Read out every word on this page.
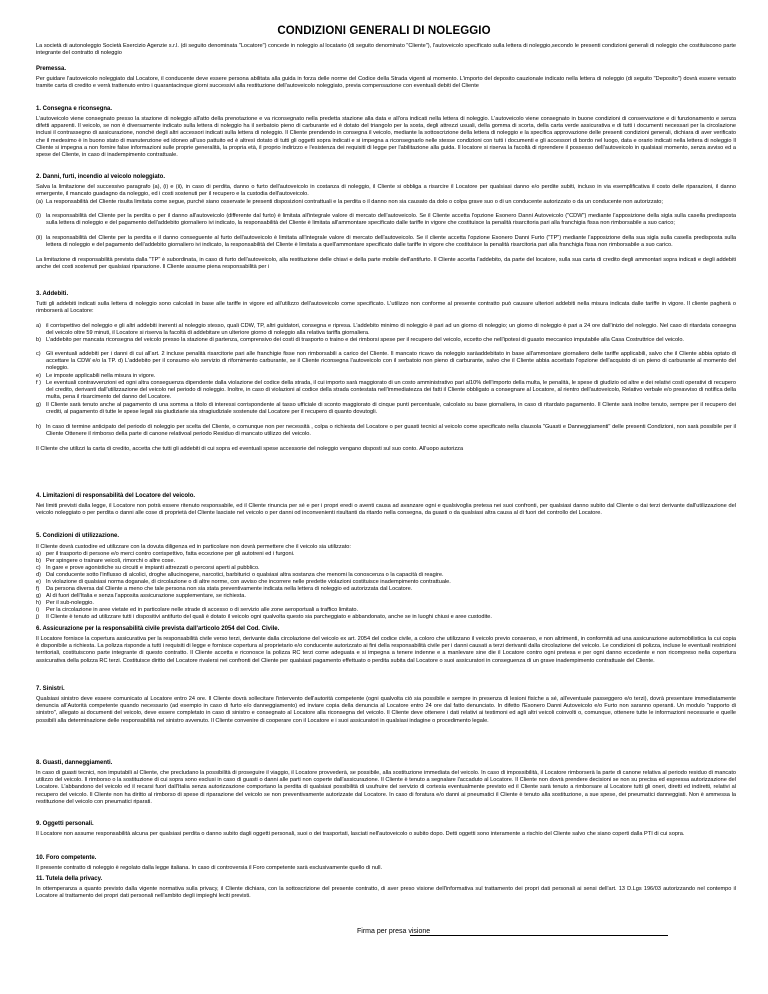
CONDIZIONI GENERALI DI NOLEGGIO

La società di autonoleggio Società Esercizio Agenzie s.r.l. (di seguito denominata "Locatore") concede in noleggio al locatario (di seguito denominato "Cliente"), l'autoveicolo specificato sulla lettera di noleggio,secondo le presenti condizioni generali di noleggio che costituiscono parte integrante del contratto di noleggio

Premessa.

Per guidare l'autoveicolo noleggiato dal Locatore, il conducente deve essere persona abilitata alla guida in forza delle norme del Codice della Strada vigenti al momento. L'importo del deposito cauzionale indicato nella lettera di noleggio (di seguito "Deposito") dovrà essere versato tramite carta di credito e verrà trattenuto entro i quarantacinque giorni successivi alla restituzione dell'autoveicolo noleggiato, previa compensazione con eventuali debiti del Cliente

1. Consegna e riconsegna.

L'autoveicolo viene consegnato presso la stazione di noleggio all'atto della prenotazione e va riconsegnato nella predetta stazione alla data e all'ora indicati nella lettera di noleggio. L'autoveicolo viene consegnato in buone condizioni di conservazione e di funzionamento e senza difetti apparenti. Il veicolo, se non è diversamente indicato sulla lettera di noleggio ha il serbatoio pieno di carburante ed è dotato del triangolo per la sosta, degli attrezzi usuali, della gomma di scorta, della carta verde assicurativa e di tutti i documenti necessari per la circolazione inclusi il contrassegno di assicurazione, nonché degli altri accessori indicati sulla lettera di noleggio. Il Cliente prendendo in consegna il veicolo, mediante la sottoscrizione della lettera di noleggio e la specifica approvazione delle presenti condizioni generali, dichiara di aver verificato che il medesimo è in buono stato di manutenzione ed idoneo all'uso pattuito ed è altresì dotato di tutti gli oggetti sopra indicati e si impegna a riconsegnarlo nelle stesse condizioni con tutti i documenti e gli accessori di bordo nel luogo, data e orario indicati nella lettera di noleggio Il Cliente si impegna a non fornire false informazioni sulle proprie generalità, la propria età, il proprio indirizzo e l'esistenza dei requisiti di legge per l'abilitazione alla guida. Il locatore si riserva la facoltà di riprendere il possesso dell'autoveicolo in qualsiasi momento, senza avviso ed a spese del Cliente, in caso di inadempimento contrattuale.

2. Danni, furti, incendio al veicolo noleggiato.

Salva la limitazione del successivo paragrafo (a), (i) e (ii), in caso di perdita, danno o furto dell'autoveicolo in costanza di noleggio, il Cliente si obbliga a risarcire il Locatore per qualsiasi danno e/o perdite subiti, incluso in via esemplificativa il costo delle riparazioni, il danno emergente, il mancato guadagno da noleggio, ed i costi sostenuti per il recupero e la custodia dell'autoveicolo.

(a) La responsabilità del Cliente risulta limitata come segue, purché siano osservate le presenti disposizioni contrattuali e la perdita o il danno non sia causato da dolo o colpa grave suo o di un conducente autorizzato o da un conducente non autorizzato;
(i) la responsabilità del Cliente per la perdita o per il danno all'autoveicolo (differente dal furto) è limitata all'integrale valore di mercato dell'autoveicolo. Se il Cliente accetta l'opzione Esonero Danni Autoveicolo ("CDW") mediante l'apposizione della sigla sulla casella predisposta sulla lettera di noleggio e del pagamento dell'addebito giornaliero ivi indicato, la responsabilità del Cliente è limitata all'ammontare specificato dalle tariffe in vigore che costituisce la penalità risarcitoria pari alla franchigia fissa non rimborsabile a suo carico;
(ii) la responsabilità del Cliente per la perdita e il danno conseguente al furto dell'autoveicolo è limitata all'integrale valore di mercato dell'autoveicolo. Se il cliente accetta l'opzione Esonero Danni Furto ("TP") mediante l'apposizione della sua sigla sulla casella predisposta sulla lettera di noleggio e del pagamento dell'addebito giornaliero ivi indicato, la responsabilità del Cliente è limitata a quell'ammontare specificato dalle tariffe in vigore che costituisce la penalità risarcitoria pari alla franchigia fissa non rimborsabile a suo carico.

La limitazione di responsabilità prevista dalla "TP" è subordinata, in caso di furto dell'autoveicolo, alla restituzione delle chiavi e della parte mobile dell'antifurto. Il Cliente accetta l'addebito, da parte del locatore, sulla sua carta di credito degli ammontari sopra indicati e degli addebiti anche dei costi sostenuti per qualsiasi riparazione. Il Cliente assume piena responsabilità per i

3. Addebiti.

Tutti gli addebiti indicati sulla lettera di noleggio sono calcolati in base alle tariffe in vigore ed all'utilizzo dell'autoveicolo come specificato. L'utilizzo non conforme al presente contratto può causare ulteriori addebiti nella misura indicata dalle tariffe in vigore. Il cliente pagherà o rimborserà al Locatore:

a) il corrispettivo del noleggio e gli altri addebiti inerenti al noleggio stesso, quali CDW, TP, altri guidatori, consegna e ripresa. L'addebito minimo di noleggio è pari ad un giorno di noleggio; un giorno di noleggio è pari a 24 ore dall'inizio del noleggio. Nel caso di ritardata consegna del veicolo oltre 59 minuti, il Locatore si riserva la facoltà di addebitare un ulteriore giorno di noleggio alla relativa tariffa giornaliera.
b) L'addebito per mancata riconsegna del veicolo presso la stazione di partenza, comprensivo dei costi di trasporto o traino e dei rimborsi spese per il recupero del veicolo, eccetto che nell'ipotesi di guasto meccanico imputabile alla Casa Costruttrice del veicolo.
c) Gli eventuali addebiti per i danni di cui all'art. 2 incluse penalità risarcitorie pari alle franchigie fisse non rimborsabili a carico del Cliente. Il mancato ricavo da noleggio saràaddebitato in base all'ammontare giornaliero delle tariffe applicabili, salvo che il Cliente abbia optato di accettare la CDW e/o la TP. d) L'addebito per il consumo e/o servizio di rifornimento carburante, se il Cliente riconsegna l'autoveicolo con il serbatoio non pieno di carburante, salvo che il Cliente abbia accettato l'opzione dell'acquisto di un pieno di carburante al momento del noleggio.
e) Le imposte applicabili nella misura in vigore.
f ) Le eventuali contravvenzioni ed ogni altra conseguenza dipendente dalla violazione del codice della strada, il cui importo sarà maggiorato di un costo amministrativo pari al10% dell'importo della multa, le penalità, le spese di giudizio od altre e dei relativi costi operativi di recupero del credito, derivanti dall'utilizzazione del veicolo nel periodo di noleggio. Inoltre, in caso di violazioni al codice della strada contestata nell'immediatezza dei fatti il Cliente obbligato a consegnare al Locatore, al rientro dell'autoveicolo, Relativo verbale e/o preavviso di notifica della multa, pena il risarcimento del danno del Locatore.
g) Il Cliente sarà tenuto anche al pagamento di una somma a titolo di interessi corrispondente al tasso ufficiale di sconto maggiorato di cinque punti percentuale, calcolato su base giornaliera, in caso di ritardato pagamento. Il Cliente sarà inoltre tenuto, sempre per il recupero dei crediti, al pagamento di tutte le spese legali sia giudiziarie sia stragiudiziale sostenute dal Locatore per il recupero di quanto dovutogli.
h) In caso di termine anticipato del periodo di noleggio per scelta del Cliente, o comunque non per necessità , colpa o richiesta del Locatore o per guasti tecnici al veicolo come specificato nella clausola "Guasti e Danneggiamenti" delle presenti Condizioni, non sarà possibile per il Cliente Ottenere il rimborso della parte di canone relativoal periodo Residuo di mancato utilizzo del veicolo.

Il Cliente che utilizzi la carta di credito, accetta che tutti gli addebiti di cui sopra ed eventuali spese accessorie del noleggio vengano disposti sul suo conto. All'uopo autorizza

4. Limitazioni di responsabilità del Locatore del veicolo.

Nei limiti previsti dalla legge, il Locatore non potrà essere ritenuto responsabile, ed il Cliente rinuncia per sé e per i propri eredi o aventi causa ad avanzare ogni e qualsivoglia pretesa nei suoi confronti, per qualsiasi danno subito dal Cliente o dai terzi derivante dall'utilizzazione del veicolo noleggiato o per perdita o danni alle cose di proprietà del Cliente lasciate nel veicolo o per danni od inconvenienti risultanti da ritardo nella consegna, da guasti o da qualsiasi altra causa al di fuori del controllo del Locatore.

5. Condizioni di utilizzazione.

Il Cliente dovrà custodire ed utilizzare con la dovuta diligenza ed in particolare non dovrà permettere che il veicolo sia utilizzato:

a) per il trasporto di persone e/o merci contro corrispettivo, fatta eccezione per gli autotreni ed i furgoni.
b) Per spingere o trainare veicoli, rimorchi o altre cose.
c) In gare e prove agonistiche su circuiti e impianti attrezzati o percorsi aperti al pubblico.
d) Dal conducente sotto l'influsso di alcolici, droghe allucinogene, narcotici, barbiturici o qualsiasi altra sostanza che menomi la conoscenza o la capacità di reagire.
e) In violazione di qualsiasi norma doganale, di circolazione o di altre norme, con avviso che incorrere nelle predette violazioni costituisce inadempimento contrattuale.
f) Da persona diversa dal Cliente a meno che tale persona non sia stata preventivamente indicata nella lettera di noleggio ed autorizzata dal Locatore.
g) Al di fuori dell'Italia e senza l'apposita assicurazione supplementare, se richiesta.
h) Per il sub-noleggio.
i) Per la circolazione in aree vietate ed in particolare nelle strade di accesso o di servizio alle zone aeroportuali a traffico limitato.
j) Il Cliente è tenuto ad utilizzare tutti i dispositivi antifurto del quali è dotato il veicolo ogni qualvolta questo sia parcheggiato e abbandonato, anche se in luoghi chiusi e aree custodite.

6. Assicurazione per la responsabilità civile prevista dall'articolo 2054 del Cod. Civile.

Il Locatore fornisce la copertura assicurativa per la responsabilità civile verso terzi, derivante dalla circolazione del veicolo ex art. 2054 del codice civile, a coloro che utilizzano il veicolo previo consenso, e non altrimenti, in conformità ad una assicurazione automobilistica la cui copia è disponibile a richiesta. La polizza risponde a tutti i requisiti di legge e fornisce copertura al proprietario e/o conducente autorizzato ai fini della responsabilità civile per i danni causati a terzi derivanti dalla circolazione del veicolo. Le condizioni di polizza, incluse le eventuali restrizioni territoriali, costituiscono parte integrante di questo contratto. Il Cliente accetta e riconosce la polizza RC terzi come adeguata e si impegna a tenere indenne e a manlevare sine die il Locatore contro ogni pretesa e per ogni danno eccedente e non ricompreso nella copertura assicurativa della polizza RC terzi. Costituisce diritto del Locatore rivalersi nei confronti del Cliente per qualsiasi pagamento effettuato o perdita subita dal Locatore o suoi assicuratori in conseguenza di un grave inadempimento contrattuale del Cliente.

7. Sinistri.

Qualsiasi sinistro deve essere comunicato al Locatore entro 24 ore. Il Cliente dovrà sollecitare l'intervento dell'autorità competente (ogni qualvolta ciò sia possibile e sempre in presenza di lesioni fisiche a sé, all'eventuale passeggero e/o terzi), dovrà presentare immediatamente denuncia all'Autorità competente quando necessario (ad esempio in caso di furto e/o danneggiamento) ed inviare copia della denuncia al Locatore entro 24 ore dal fatto denunciato. In difetto l'Esonero Danni Autoveicolo e/o Furto non saranno operanti. Un modulo "rapporto di sinistro", allegato ai documenti del veicolo, deve essere completato in caso di sinistro e consegnato al Locatore alla riconsegna del veicolo. Il Cliente deve ottenere i dati relativi ai testimoni ed agli altri veicoli coinvolti o, comunque, ottenere tutte le informazioni necessarie e quelle possibili alla determinazione delle responsabilità nel sinistro avvenuto. Il Cliente convenire di cooperare con il Locatore e i suoi assicuratori in qualsiasi indagine o procedimento legale.

8. Guasti, danneggiamenti.

In caso di guasti tecnici, non imputabili al Cliente, che precludano la possibilità di proseguire il viaggio, il Locatore provvederà, se possibile, alla sostituzione immediata del veicolo. In caso di impossibilità, il Locatore rimborserà la parte di canone relativa al periodo residuo di mancato utilizzo del veicolo. Il rimborso o la sostituzione di cui sopra sono esclusi in caso di guasti o danni alle parti non coperte dall'assicurazione. Il Cliente è tenuto a segnalare l'accaduto al Locatore. Il Cliente non dovrà prendere decisioni se non su precisa ed espressa autorizzazione del Locatore. L'abbandono del veicolo ed il recarsi fuori dall'Italia senza autorizzazione comportano la perdita di qualsiasi possibilità di usufruire del servizio di cortesia eventualmente previsto ed il Cliente sarà tenuto a rimborsare al Locatore tutti gli oneri, diretti ed indiretti, relativi al recupero del veicolo. Il Cliente non ha diritto al rimborso di spese di riparazione del veicolo se non preventivamente autorizzate dal Locatore. In caso di foratura e/o danni ai pneumatici il Cliente è tenuto alla sostituzione, a sue spese, dei pneumatici danneggiati. Non è ammessa la restituzione del veicolo con pneumatici riparati.

9. Oggetti personali.

Il Locatore non assume responsabilità alcuna per qualsiasi perdita o danno subito dagli oggetti personali, suoi o dei trasportati, lasciati nell'autoveicolo o subito dopo. Detti oggetti sono interamente a rischio del Cliente salvo che siano coperti dalla PTI di cui sopra.

10. Foro competente.

Il presente contratto di noleggio è regolato dalla legge italiana. In caso di controversia il Foro competente sarà esclusivamente quello di null.

11. Tutela della privacy.

In ottemperanza a quanto previsto dalla vigente normativa sulla privacy, il Cliente dichiara, con la sottoscrizione del presente contratto, di aver preso visione dell'informativa sul trattamento dei propri dati personali ai sensi dell'art. 13 D.Lgs 196/03 autorizzando nel contempo il Locatore al trattamento dei propri dati personali nell'ambito degli impieghi leciti previsti.

Firma per presa visione
